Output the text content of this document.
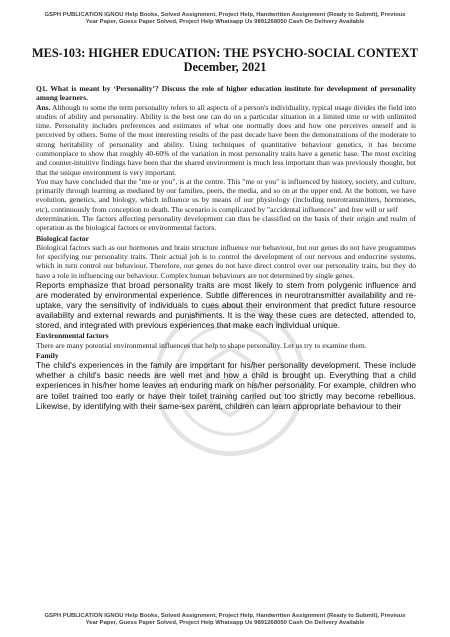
GSPH PUBLICATION IGNOU Help Books, Solved Assignment, Project Help, Handwritten Assignment (Ready to Submit), Previous Year Paper, Guess Paper Solved, Project Help Whatsapp Us 9891268050 Cash On Delivery Available
MES-103: HIGHER EDUCATION: THE PSYCHO-SOCIAL CONTEXT
December, 2021

Q1. What is meant by ‘Personality’? Discuss the role of higher education institute for development of personality among learners.

Ans. Although to some the term personality refers to all aspects of a person's individuality, typical usage divides the field into studies of ability and personality. Ability is the best one can do on a particular situation in a limited time or with unlimited time. Personality includes preferences and estimates of what one normally does and how one perceives oneself and is perceived by others. Some of the most interesting results of the past decade have been the demonstrations of the moderate to strong heritability of personality and ability. Using techniques of quantitative behaviour genetics, it has become commonplace to show that roughly 40-60% of the variation in most personality traits have a genetic base. The most exciting and counter-intuitive findings have been that the shared environment is much less important than was previously thought, but that the unique environment is very important.

You may have concluded that the "me or you", is at the centre. This "me or you" is influenced by history, society, and culture, primarily through learning as mediated by our families, peers, the media, and so on at the upper end. At the bottom, we have evolution, genetics, and biology, which influence us by means of our physiology (including neurotransmitters, hormones, etc), continuously from conception to death. The scenario is complicated by "accidental influences" and free will or self

determination. The factors affecting personality development can thus be classified on the basis of their origin and realm of operation as the biological factors or environmental factors.

Biological factor

Biological factors such as our hormones and brain structure influence our behaviour, but our genes do not have programmes for specifying our personality traits. Their actual job is to control the development of our nervous and endocrine systems, which in turn control our behaviour. Therefore, our genes do not have direct control over our personality traits, but they do have a role in influencing our behaviour. Complex human behaviours are not determined by single genes.

Reports emphasize that broad personality traits are most likely to stem from polygenic influence and are moderated by environmental experience. Subtle differences in neurotransmitter availability and re-uptake, vary the sensitivity of individuals to cues about their environment that predict future resource availability and external rewards and punishments. It is the way these cues are detected, attended to, stored, and integrated with previous experiences that make each individual unique.

Environmental factors

There are many potential environmental influences that help to shape personality. Let us try to examine them.

Family

The child's experiences in the family are important for his/her personality development. These include whether a child's basic needs are well met and how a child is brought up. Everything that a child experiences in his/her home leaves an enduring mark on his/her personality. For example, children who are toilet trained too early or have their toilet training carried out too strictly may become rebellious. Likewise, by identifying with their same-sex parent, children can learn appropriate behaviour to their

GSPH PUBLICATION IGNOU Help Books, Solved Assignment, Project Help, Handwritten Assignment (Ready to Submit), Previous Year Paper, Guess Paper Solved, Project Help Whatsapp Us 9891268050 Cash On Delivery Available
